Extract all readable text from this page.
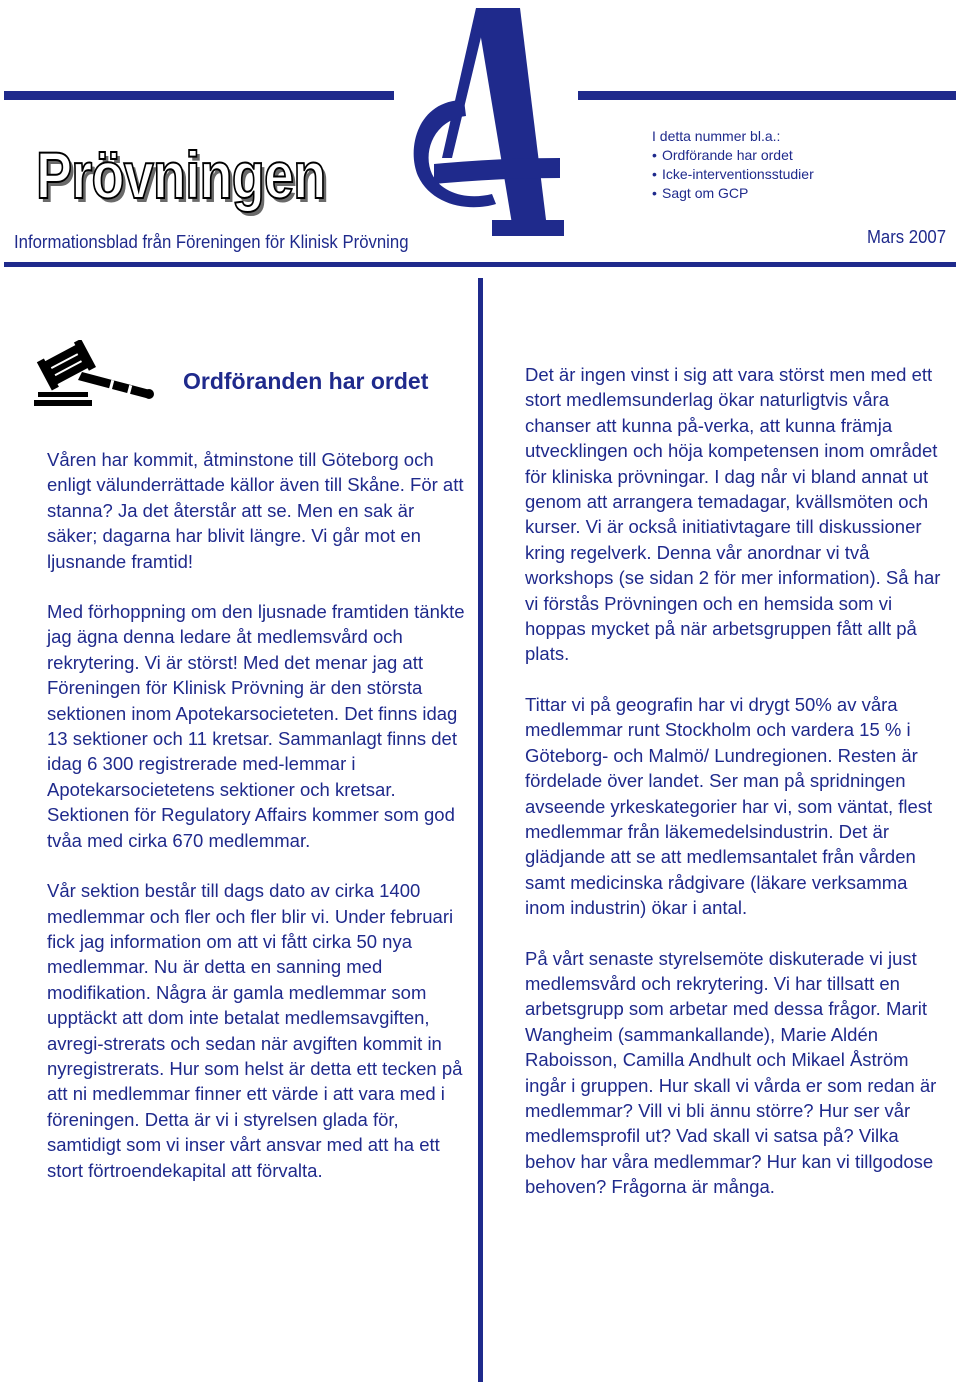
Prövningen
Informationsblad från Föreningen för Klinisk Prövning
I detta nummer bl.a.:
• Ordförande har ordet
• Icke-interventionsstudier
• Sagt om GCP
Mars 2007
Ordföranden har ordet

Våren har kommit, åtminstone till Göteborg och enligt välunderrättade källor även till Skåne. För att stanna? Ja det återstår att se. Men en sak är säker; dagarna har blivit längre. Vi går mot en ljusnande framtid!

Med förhoppning om den ljusnade framtiden tänkte jag ägna denna ledare åt medlemsvård och rekrytering. Vi är störst! Med det menar jag att Föreningen för Klinisk Prövning är den största sektionen inom Apotekarsocieteten. Det finns idag 13 sektioner och 11 kretsar. Sammanlagt finns det idag 6 300 registrerade med-lemmar i Apotekarsocietetens sektioner och kretsar. Sektionen för Regulatory Affairs kommer som god tvåa med cirka 670 medlemmar.

Vår sektion består till dags dato av cirka 1400 medlemmar och fler och fler blir vi. Under februari fick jag information om att vi fått cirka 50 nya medlemmar. Nu är detta en sanning med modifikation. Några är gamla medlemmar som upptäckt att dom inte betalat medlemsavgiften, avregi-strerats och sedan när avgiften kommit in nyregistrerats. Hur som helst är detta ett tecken på att ni medlemmar finner ett värde i att vara med i föreningen. Detta är vi i styrelsen glada för, samtidigt som vi inser vårt ansvar med att ha ett stort förtroendekapital att förvalta.

Det är ingen vinst i sig att vara störst men med ett stort medlemsunderlag ökar naturligtvis våra chanser att kunna på-verka, att kunna främja utvecklingen och höja kompetensen inom området för kliniska prövningar. I dag når vi bland annat ut genom att arrangera temadagar, kvällsmöten och kurser. Vi är också initiativtagare till diskussioner kring regelverk. Denna vår anordnar vi två workshops (se sidan 2 för mer information). Så har vi förstås Prövningen och en hemsida som vi hoppas mycket på när arbetsgruppen fått allt på plats.

Tittar vi på geografin har vi drygt 50% av våra medlemmar runt Stockholm och vardera 15 % i Göteborg- och Malmö/ Lundregionen. Resten är fördelade över landet. Ser man på spridningen avseende yrkeskategorier har vi, som väntat, flest medlemmar från läkemedelsindustrin. Det är glädjande att se att medlemsantalet från vården samt medicinska rådgivare (läkare verksamma inom industrin) ökar i antal.

På vårt senaste styrelsemöte diskuterade vi just medlemsvård och rekrytering. Vi har tillsatt en arbetsgrupp som arbetar med dessa frågor. Marit Wangheim (sammankallande), Marie Aldén Raboisson, Camilla Andhult och Mikael Åström ingår i gruppen. Hur skall vi vårda er som redan är medlemmar? Vill vi bli ännu större? Hur ser vår medlemsprofil ut? Vad skall vi satsa på? Vilka behov har våra medlemmar? Hur kan vi tillgodose behoven? Frågorna är många.
